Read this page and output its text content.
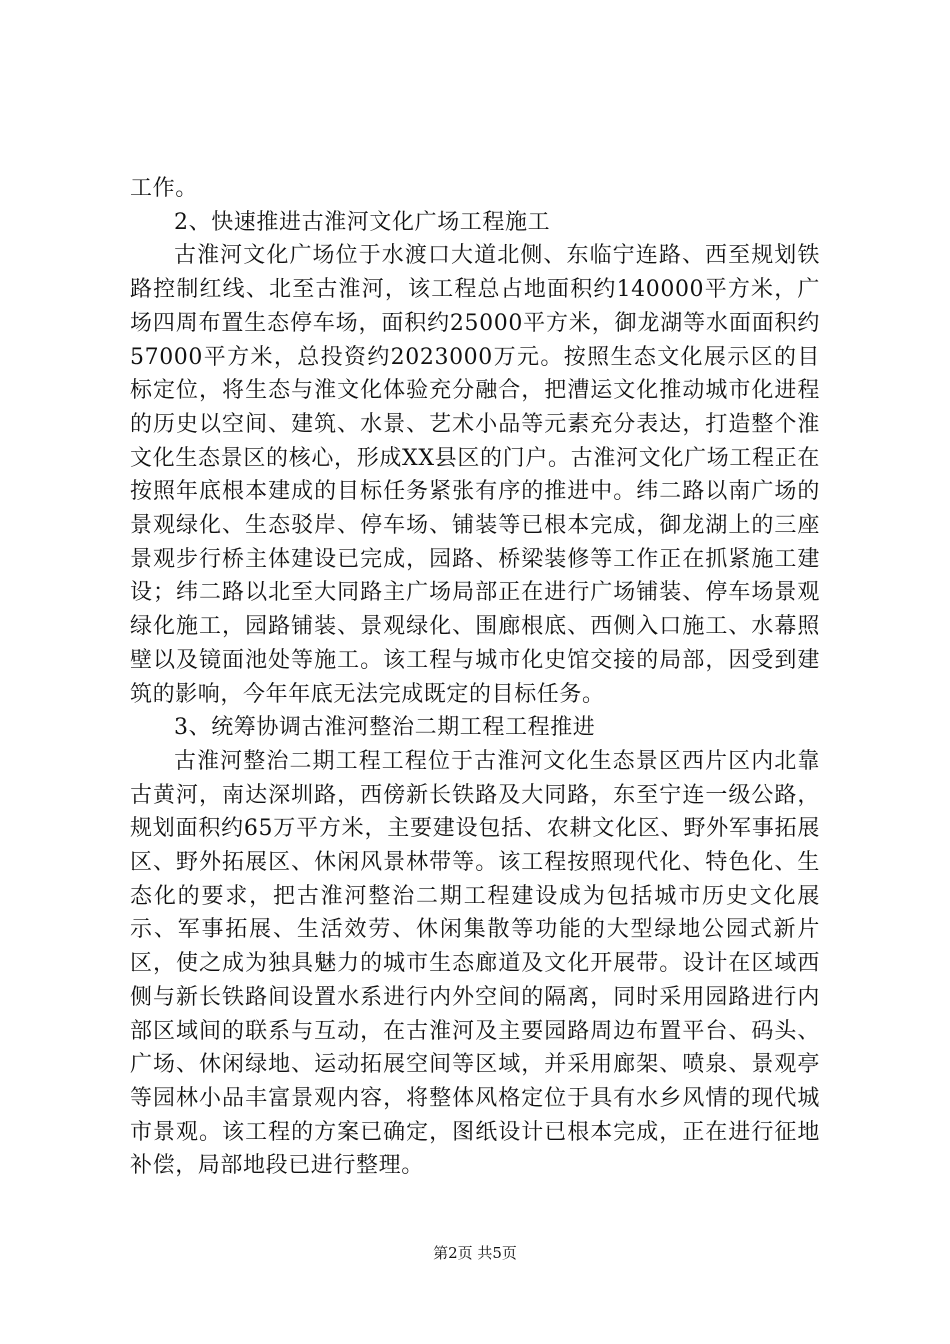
工作。

2、快速推进古淮河文化广场工程施工

古淮河文化广场位于水渡口大道北侧、东临宁连路、西至规划铁路控制红线、北至古淮河，该工程总占地面积约140000平方米，广场四周布置生态停车场，面积约25000平方米，御龙湖等水面面积约57000平方米，总投资约2023000万元。按照生态文化展示区的目标定位，将生态与淮文化体验充分融合，把漕运文化推动城市化进程的历史以空间、建筑、水景、艺术小品等元素充分表达，打造整个淮文化生态景区的核心，形成XX县区的门户。古淮河文化广场工程正在按照年底根本建成的目标任务紧张有序的推进中。纬二路以南广场的景观绿化、生态驳岸、停车场、铺装等已根本完成，御龙湖上的三座景观步行桥主体建设已完成，园路、桥梁装修等工作正在抓紧施工建设；纬二路以北至大同路主广场局部正在进行广场铺装、停车场景观绿化施工，园路铺装、景观绿化、围廊根底、西侧入口施工、水幕照壁以及镜面池处等施工。该工程与城市化史馆交接的局部，因受到建筑的影响，今年年底无法完成既定的目标任务。

3、统筹协调古淮河整治二期工程工程推进

古淮河整治二期工程工程位于古淮河文化生态景区西片区内北靠古黄河，南达深圳路，西傍新长铁路及大同路，东至宁连一级公路，规划面积约65万平方米，主要建设包括、农耕文化区、野外军事拓展区、野外拓展区、休闲风景林带等。该工程按照现代化、特色化、生态化的要求，把古淮河整治二期工程建设成为包括城市历史文化展示、军事拓展、生活效劳、休闲集散等功能的大型绿地公园式新片区，使之成为独具魅力的城市生态廊道及文化开展带。设计在区域西侧与新长铁路间设置水系进行内外空间的隔离，同时采用园路进行内部区域间的联系与互动，在古淮河及主要园路周边布置平台、码头、广场、休闲绿地、运动拓展空间等区域，并采用廊架、喷泉、景观亭等园林小品丰富景观内容，将整体风格定位于具有水乡风情的现代城市景观。该工程的方案已确定，图纸设计已根本完成，正在进行征地补偿，局部地段已进行整理。

第2页 共5页
